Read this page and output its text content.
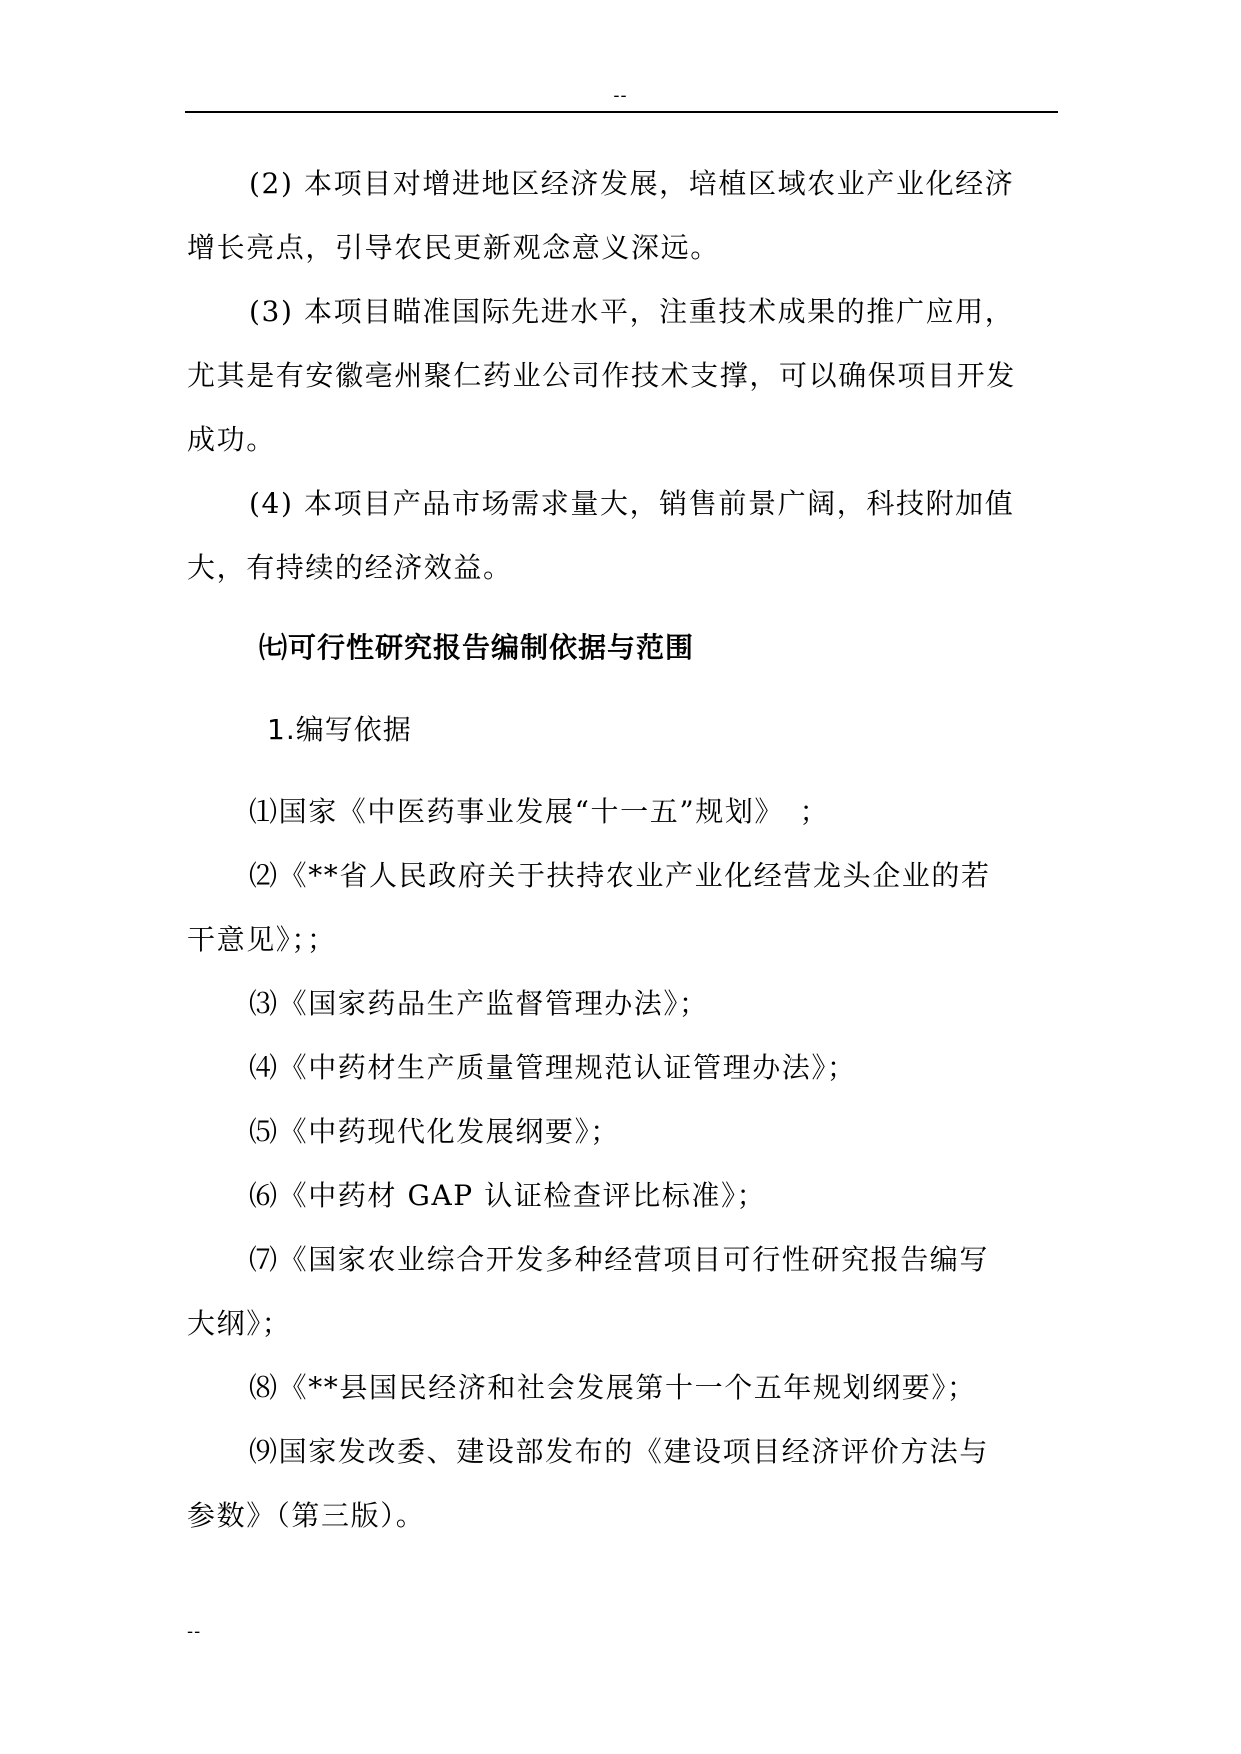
--

(2) 本项目对增进地区经济发展，培植区域农业产业化经济

增长亮点，引导农民更新观念意义深远。

(3) 本项目瞄准国际先进水平，注重技术成果的推广应用，

尤其是有安徽亳州聚仁药业公司作技术支撑，可以确保项目开发

成功。

(4) 本项目产品市场需求量大，销售前景广阔，科技附加值

大，有持续的经济效益。

㈦可行性研究报告编制依据与范围
1.编写依据

⑴国家《中医药事业发展“十一五”规划》　；

⑵《**省人民政府关于扶持农业产业化经营龙头企业的若

干意见》；；

⑶《国家药品生产监督管理办法》；

⑷《中药材生产质量管理规范认证管理办法》；

⑸《中药现代化发展纲要》；

⑹《中药材 GAP 认证检查评比标准》；

⑺《国家农业综合开发多种经营项目可行性研究报告编写

大纲》；

⑻《**县国民经济和社会发展第十一个五年规划纲要》；

⑼国家发改委、建设部发布的《建设项目经济评价方法与

参数》（第三版）。

--
